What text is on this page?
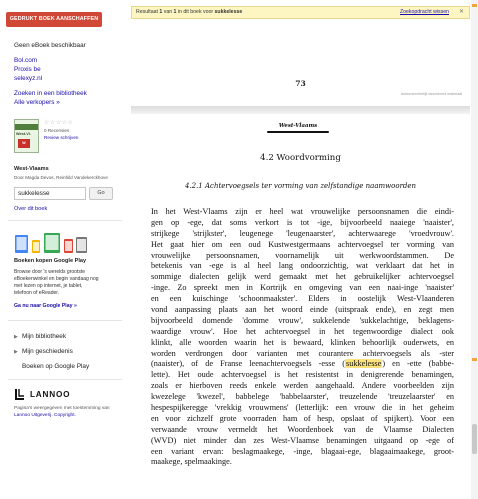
GEDRUKT BOEK AANSCHAFFEN
Geen eBoek beschikbaar
Bol.com
Proxis be
selexyz.nl
Zoeken in een bibliotheek
Alle verkopers »
West-Vl.
W
☆☆☆☆☆
0 Recensies
Review schrijven
West-Vlaams
Door Magda Devos, Reinhild Vandekerckhove
sukkelesse
Go
Over dit boek
Boeken kopen Google Play
Browse door 's werelds grootste
eBoekenwinkel en begin vandaag nog
met lezen op internet, je tablet,
telefoon of eReader.
Ga nu naar Google Play »
▶ Mijn bibliotheek
▶ Mijn geschiedenis
Boeken op Google Play
LANNOO
Pagina's weergegeven met toestemming van
Lannoo Uitgeverij. Copyright.
Resultaat 1 van 1 in dit boek voor sukkelesse	Zoekopdracht wissen ✕
73
Auteursrechtelijk beschermd materiaal
West-Vlaams
4.2 Woordvorming
4.2.1 Achtervoegsels ter vorming van zelfstandige naamwoorden
In het West-Vlaams zijn er heel wat vrouwelijke persoonsnamen die eindi-
gen op -ege, dat soms verkort is tot -ige, bijvoorbeeld naaiege 'naaister',
strijkege 'strijkster', leugenege 'leugenaarster', achterwaarege 'vroedvrouw'.
Het gaat hier om een oud Kustwestgermaans achtervoegsel ter vorming van
vrouwelijke persoonsnamen, voornamelijk uit werkwoordstammen. De
betekenis van -ege is al heel lang ondoorzichtig, wat verklaart dat het in
sommige dialecten gelijk werd gemaakt met het gebruikelijker achtervoegsel
-inge. Zo spreekt men in Kortrijk en omgeving van een naai-inge 'naaister'
en een kuischinge 'schoonmaakster'. Elders in oostelijk West-Vlaanderen
vond aanpassing plaats aan het woord einde (uitspraak ende), en zegt men
bijvoorbeeld domende 'domme vrouw', sukkelende 'sukkelachtige, beklagens-
waardige vrouw'. Hoe het achtervoegsel in het tegenwoordige dialect ook
klinkt, alle woorden waarin het is bewaard, klinken behoorlijk ouderwets, en
worden verdrongen door varianten met courantere achtervoegsels als -ster
(naaister), of de Franse leenachtervoegsels -esse (sukkelesse) en -ette (babbe-
lette). Het oude achtervoegsel is het resistentst in denigrerende benamingen,
zoals er hierboven reeds enkele werden aangehaald. Andere voorbeelden zijn
kwezelege 'kwezel', babbelege 'babbelaarster', treuzelende 'treuzelaarster' en
hespespijkeregge 'vrekkig vrouwmens' (letterlijk: een vrouw die in het geheim
en voor zichzelf grote voorraden ham of hesp, opslaat of spijkert). Voor een
verwaande vrouw vermeldt het Woordenboek van de Vlaamse Dialecten
(WVD) niet minder dan zes West-Vlaamse benamingen uitgaand op -ege of
een variant ervan: beslagmaakege, -inge, blagaai-ege, blagaaimaakege, groot-
maakege, spelmaakinge.
